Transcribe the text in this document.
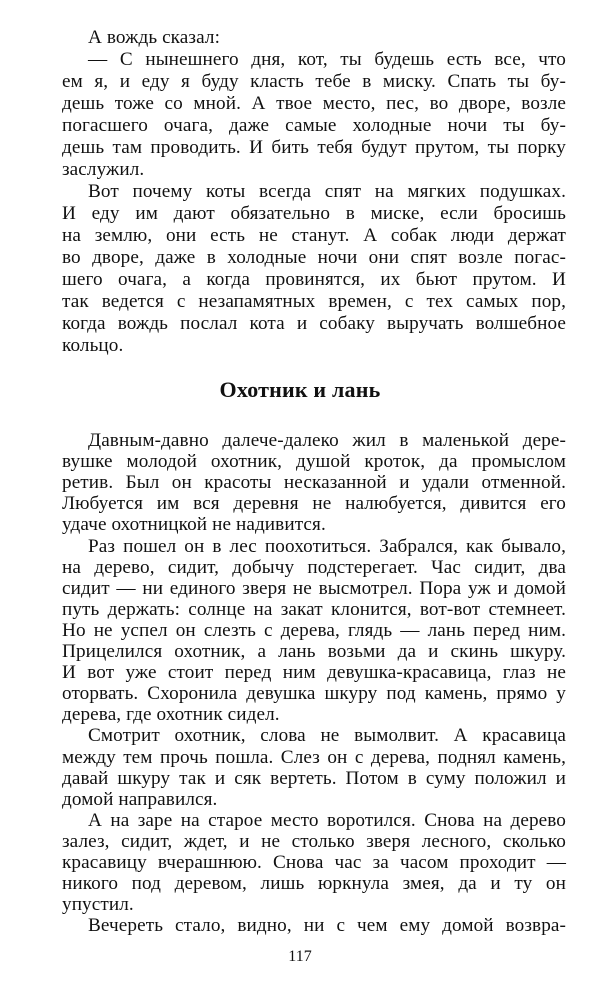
А вождь сказал:
— С нынешнего дня, кот, ты будешь есть все, что
ем я, и еду я буду класть тебе в миску. Спать ты бу-
дешь тоже со мной. А твое место, пес, во дворе, возле
погасшего очага, даже самые холодные ночи ты бу-
дешь там проводить. И бить тебя будут прутом, ты порку
заслужил.
Вот почему коты всегда спят на мягких подушках.
И еду им дают обязательно в миске, если бросишь
на землю, они есть не станут. А собак люди держат
во дворе, даже в холодные ночи они спят возле погас-
шего очага, а когда провинятся, их бьют прутом. И
так ведется с незапамятных времен, с тех самых пор,
когда вождь послал кота и собаку выручать волшебное
кольцо.
Охотник и лань
Давным-давно далече-далеко жил в маленькой дере-
вушке молодой охотник, душой кроток, да промыслом
ретив. Был он красоты несказанной и удали отменной.
Любуется им вся деревня не налюбуется, дивится его
удаче охотницкой не надивится.
Раз пошел он в лес поохотиться. Забрался, как бывало,
на дерево, сидит, добычу подстерегает. Час сидит, два
сидит — ни единого зверя не высмотрел. Пора уж и домой
путь держать: солнце на закат клонится, вот-вот стемнеет.
Но не успел он слезть с дерева, глядь — лань перед ним.
Прицелился охотник, а лань возьми да и скинь шкуру.
И вот уже стоит перед ним девушка-красавица, глаз не
оторвать. Схоронила девушка шкуру под камень, прямо у
дерева, где охотник сидел.
Смотрит охотник, слова не вымолвит. А красавица
между тем прочь пошла. Слез он с дерева, поднял камень,
давай шкуру так и сяк вертеть. Потом в суму положил и
домой направился.
А на заре на старое место воротился. Снова на дерево
залез, сидит, ждет, и не столько зверя лесного, сколько
красавицу вчерашнюю. Снова час за часом проходит —
никого под деревом, лишь юркнула змея, да и ту он
упустил.
117
Вечереть стало, видно, ни с чем ему домой возвра-
